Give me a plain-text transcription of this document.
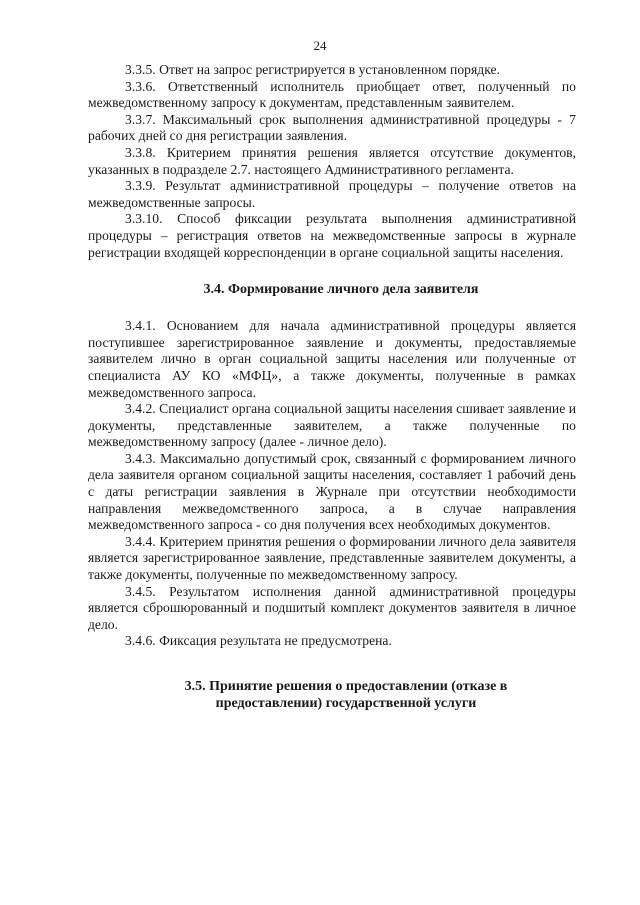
24

3.3.5. Ответ на запрос регистрируется в установленном порядке.

3.3.6. Ответственный исполнитель приобщает ответ, полученный по межведомственному запросу к документам, представленным заявителем.

3.3.7. Максимальный срок выполнения административной процедуры - 7 рабочих дней со дня регистрации заявления.

3.3.8. Критерием принятия решения является отсутствие документов, указанных в подразделе 2.7. настоящего Административного регламента.

3.3.9. Результат административной процедуры – получение ответов на межведомственные запросы.

3.3.10. Способ фиксации результата выполнения административной процедуры – регистрация ответов на межведомственные запросы в журнале регистрации входящей корреспонденции в органе социальной защиты населения.

3.4. Формирование личного дела заявителя

3.4.1. Основанием для начала административной процедуры является поступившее зарегистрированное заявление и документы, предоставляемые заявителем лично в орган социальной защиты населения или полученные от специалиста АУ КО «МФЦ», а также документы, полученные в рамках межведомственного запроса.

3.4.2. Специалист органа социальной защиты населения сшивает заявление и документы, представленные заявителем, а также полученные по межведомственному запросу (далее - личное дело).

3.4.3. Максимально допустимый срок, связанный с формированием личного дела заявителя органом социальной защиты населения, составляет 1 рабочий день с даты регистрации заявления в Журнале при отсутствии необходимости направления межведомственного запроса, а в случае направления межведомственного запроса - со дня получения всех необходимых документов.

3.4.4. Критерием принятия решения о формировании личного дела заявителя является зарегистрированное заявление, представленные заявителем документы, а также документы, полученные по межведомственному запросу.

3.4.5. Результатом исполнения данной административной процедуры является сброшюрованный и подшитый комплект документов заявителя в личное дело.

3.4.6. Фиксация результата не предусмотрена.

3.5. Принятие решения о предоставлении (отказе в
предоставлении) государственной услуги
